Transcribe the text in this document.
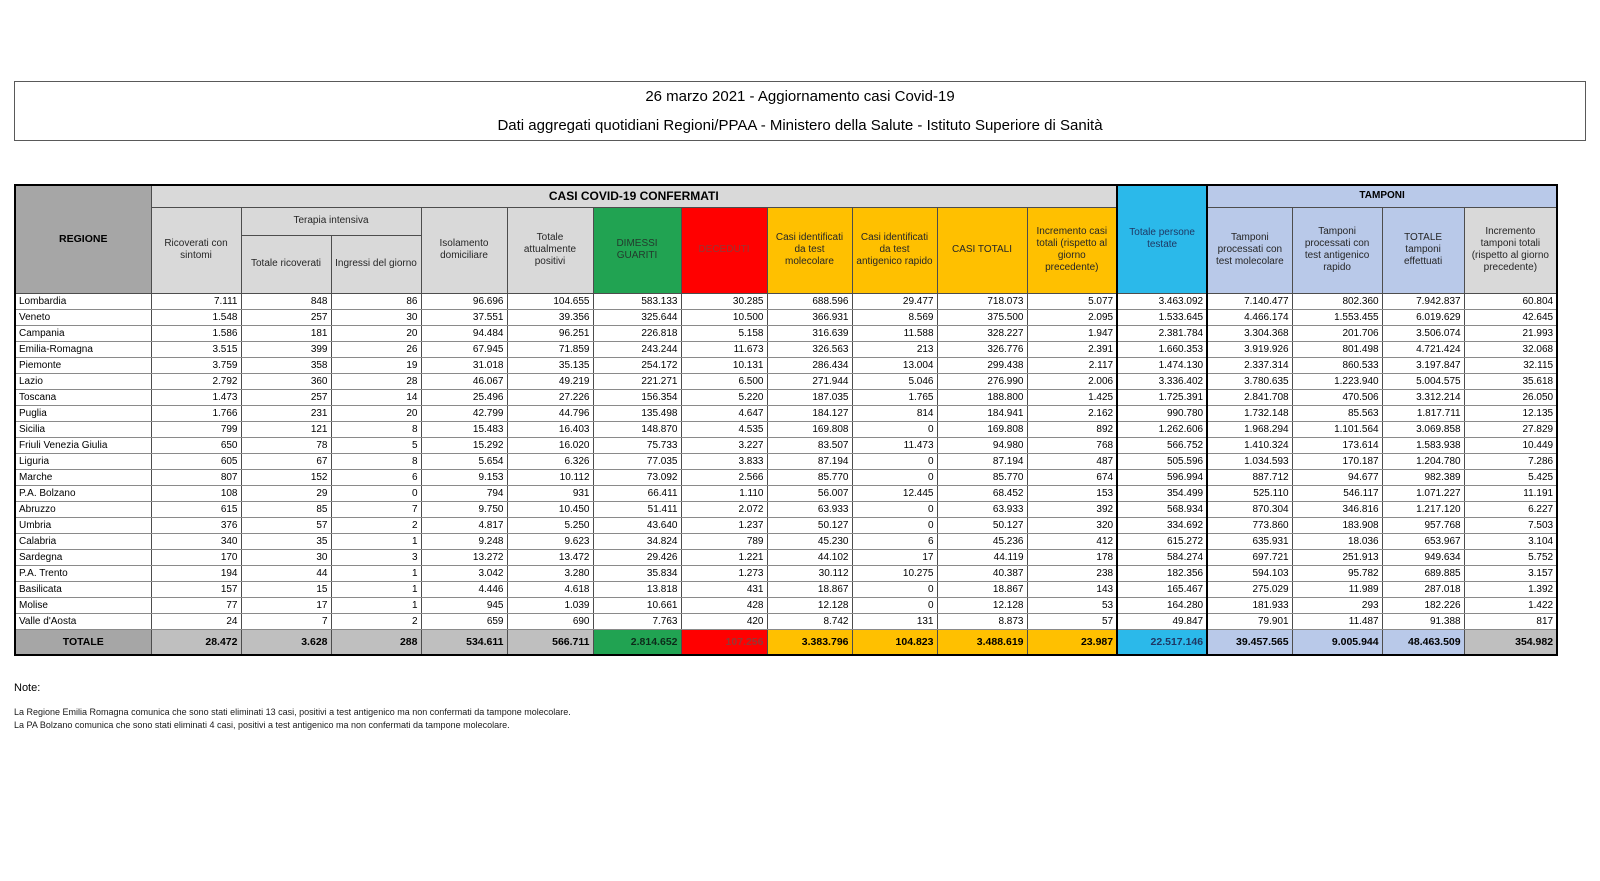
26 marzo 2021 - Aggiornamento casi Covid-19
Dati aggregati quotidiani Regioni/PPAA - Ministero della Salute - Istituto Superiore di Sanità
REGIONE	CASI COVID-19 CONFERMATI											Totale persone testate	TAMPONI			
	Ricoverati con sintomi	Terapia intensiva		Isolamento domiciliare	Totale attualmente positivi	DIMESSI GUARITI	DECEDUTI	Casi identificati da test molecolare	Casi identificati da test antigenico rapido	CASI TOTALI	Incremento casi totali (rispetto al giorno precedente)		Tamponi processati con test molecolare	Tamponi processati con test antigenico rapido	TOTALE tamponi effettuati	Incremento tamponi totali (rispetto al giorno precedente)
		Totale ricoverati	Ingressi del giorno													
Lombardia	7.111	848	86	96.696	104.655	583.133	30.285	688.596	29.477	718.073	5.077	3.463.092	7.140.477	802.360	7.942.837	60.804
Veneto	1.548	257	30	37.551	39.356	325.644	10.500	366.931	8.569	375.500	2.095	1.533.645	4.466.174	1.553.455	6.019.629	42.645
Campania	1.586	181	20	94.484	96.251	226.818	5.158	316.639	11.588	328.227	1.947	2.381.784	3.304.368	201.706	3.506.074	21.993
Emilia-Romagna	3.515	399	26	67.945	71.859	243.244	11.673	326.563	213	326.776	2.391	1.660.353	3.919.926	801.498	4.721.424	32.068
Piemonte	3.759	358	19	31.018	35.135	254.172	10.131	286.434	13.004	299.438	2.117	1.474.130	2.337.314	860.533	3.197.847	32.115
Lazio	2.792	360	28	46.067	49.219	221.271	6.500	271.944	5.046	276.990	2.006	3.336.402	3.780.635	1.223.940	5.004.575	35.618
Toscana	1.473	257	14	25.496	27.226	156.354	5.220	187.035	1.765	188.800	1.425	1.725.391	2.841.708	470.506	3.312.214	26.050
Puglia	1.766	231	20	42.799	44.796	135.498	4.647	184.127	814	184.941	2.162	990.780	1.732.148	85.563	1.817.711	12.135
Sicilia	799	121	8	15.483	16.403	148.870	4.535	169.808	0	169.808	892	1.262.606	1.968.294	1.101.564	3.069.858	27.829
Friuli Venezia Giulia	650	78	5	15.292	16.020	75.733	3.227	83.507	11.473	94.980	768	566.752	1.410.324	173.614	1.583.938	10.449
Liguria	605	67	8	5.654	6.326	77.035	3.833	87.194	0	87.194	487	505.596	1.034.593	170.187	1.204.780	7.286
Marche	807	152	6	9.153	10.112	73.092	2.566	85.770	0	85.770	674	596.994	887.712	94.677	982.389	5.425
P.A. Bolzano	108	29	0	794	931	66.411	1.110	56.007	12.445	68.452	153	354.499	525.110	546.117	1.071.227	11.191
Abruzzo	615	85	7	9.750	10.450	51.411	2.072	63.933	0	63.933	392	568.934	870.304	346.816	1.217.120	6.227
Umbria	376	57	2	4.817	5.250	43.640	1.237	50.127	0	50.127	320	334.692	773.860	183.908	957.768	7.503
Calabria	340	35	1	9.248	9.623	34.824	789	45.230	6	45.236	412	615.272	635.931	18.036	653.967	3.104
Sardegna	170	30	3	13.272	13.472	29.426	1.221	44.102	17	44.119	178	584.274	697.721	251.913	949.634	5.752
P.A. Trento	194	44	1	3.042	3.280	35.834	1.273	30.112	10.275	40.387	238	182.356	594.103	95.782	689.885	3.157
Basilicata	157	15	1	4.446	4.618	13.818	431	18.867	0	18.867	143	165.467	275.029	11.989	287.018	1.392
Molise	77	17	1	945	1.039	10.661	428	12.128	0	12.128	53	164.280	181.933	293	182.226	1.422
Valle d'Aosta	24	7	2	659	690	7.763	420	8.742	131	8.873	57	49.847	79.901	11.487	91.388	817
TOTALE	28.472	3.628	288	534.611	566.711	2.814.652	107.256	3.383.796	104.823	3.488.619	23.987	22.517.146	39.457.565	9.005.944	48.463.509	354.982
Note:
La Regione Emilia Romagna comunica che sono stati eliminati 13 casi, positivi a test antigenico ma non confermati da tampone molecolare.
La PA Bolzano comunica che sono stati eliminati 4 casi, positivi a test antigenico ma non confermati da tampone molecolare.
